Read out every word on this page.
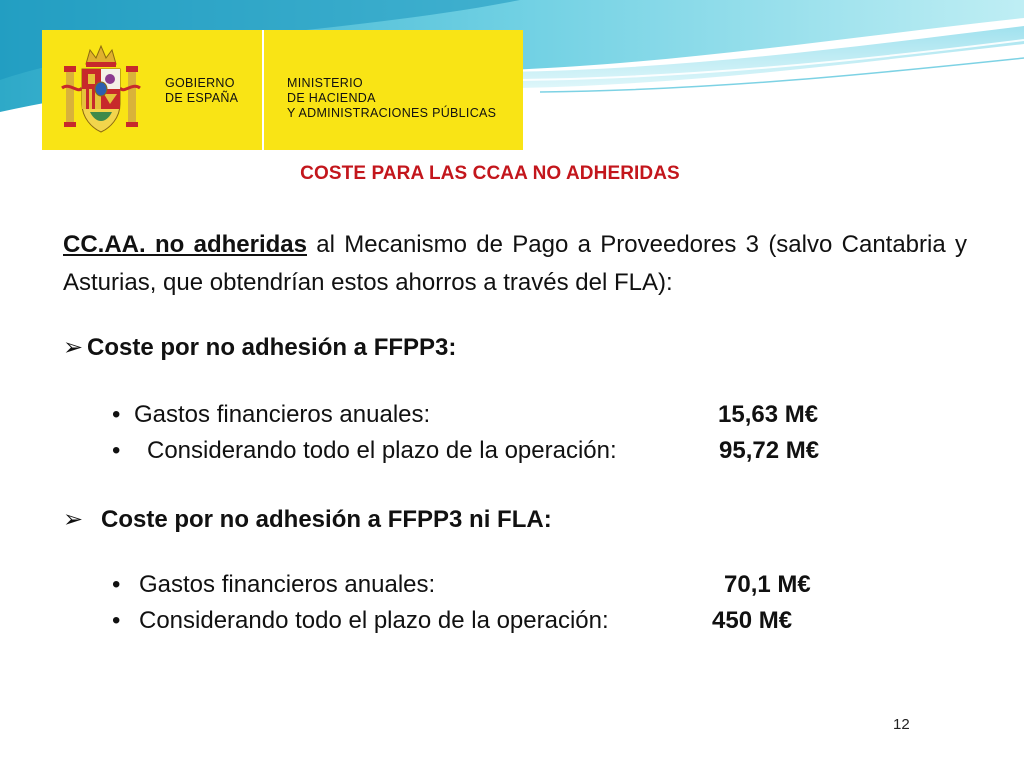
GOBIERNO
DE ESPAÑA
MINISTERIO
DE HACIENDA
Y ADMINISTRACIONES PÚBLICAS
COSTE PARA LAS CCAA NO ADHERIDAS
CC.AA. no adheridas al Mecanismo de Pago a Proveedores 3 (salvo Cantabria y Asturias, que obtendrían estos ahorros a través del FLA):
➢ Coste por no adhesión a FFPP3:
• Gastos financieros anuales:	15,63 M€
• Considerando todo el plazo de la operación:	95,72 M€
➢ Coste por no adhesión a FFPP3 ni FLA:
• Gastos financieros anuales:	70,1 M€
• Considerando todo el plazo de la operación:	450 M€
12
